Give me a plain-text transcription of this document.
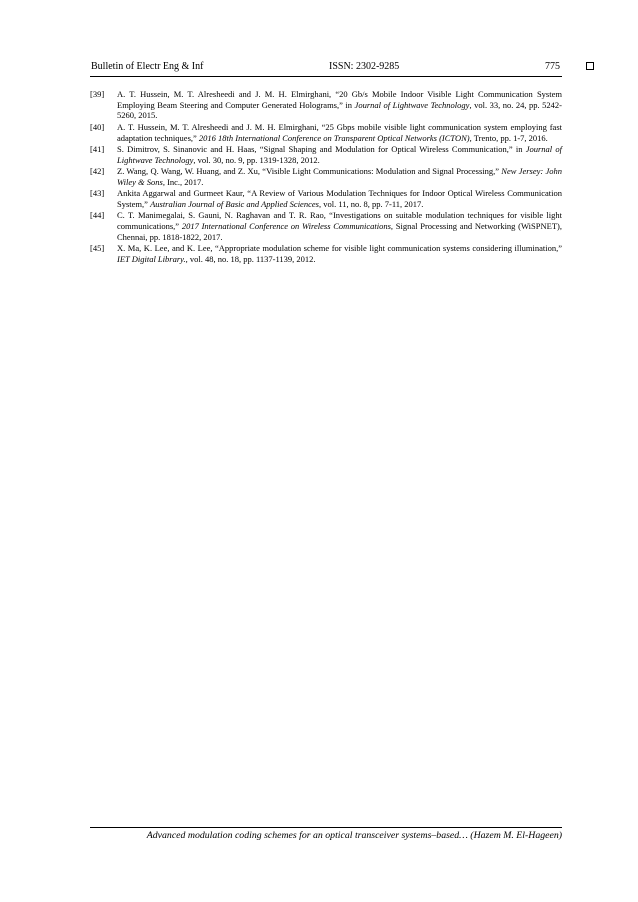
Bulletin of Electr Eng & Inf	ISSN: 2302-9285	775
[39] A. T. Hussein, M. T. Alresheedi and J. M. H. Elmirghani, “20 Gb/s Mobile Indoor Visible Light Communication System Employing Beam Steering and Computer Generated Holograms,” in Journal of Lightwave Technology, vol. 33, no. 24, pp. 5242-5260, 2015.
[40] A. T. Hussein, M. T. Alresheedi and J. M. H. Elmirghani, “25 Gbps mobile visible light communication system employing fast adaptation techniques,” 2016 18th International Conference on Transparent Optical Networks (ICTON), Trento, pp. 1-7, 2016.
[41] S. Dimitrov, S. Sinanovic and H. Haas, “Signal Shaping and Modulation for Optical Wireless Communication,” in Journal of Lightwave Technology, vol. 30, no. 9, pp. 1319-1328, 2012.
[42] Z. Wang, Q. Wang, W. Huang, and Z. Xu, “Visible Light Communications: Modulation and Signal Processing,” New Jersey: John Wiley & Sons, Inc., 2017.
[43] Ankita Aggarwal and Gurmeet Kaur, “A Review of Various Modulation Techniques for Indoor Optical Wireless Communication System,” Australian Journal of Basic and Applied Sciences, vol. 11, no. 8, pp. 7-11, 2017.
[44] C. T. Manimegalai, S. Gauni, N. Raghavan and T. R. Rao, “Investigations on suitable modulation techniques for visible light communications,” 2017 International Conference on Wireless Communications, Signal Processing and Networking (WiSPNET), Chennai, pp. 1818-1822, 2017.
[45] X. Ma, K. Lee, and K. Lee, “Appropriate modulation scheme for visible light communication systems considering illumination,” IET Digital Library., vol. 48, no. 18, pp. 1137-1139, 2012.
Advanced modulation coding schemes for an optical transceiver systems–based… (Hazem M. El-Hageen)
